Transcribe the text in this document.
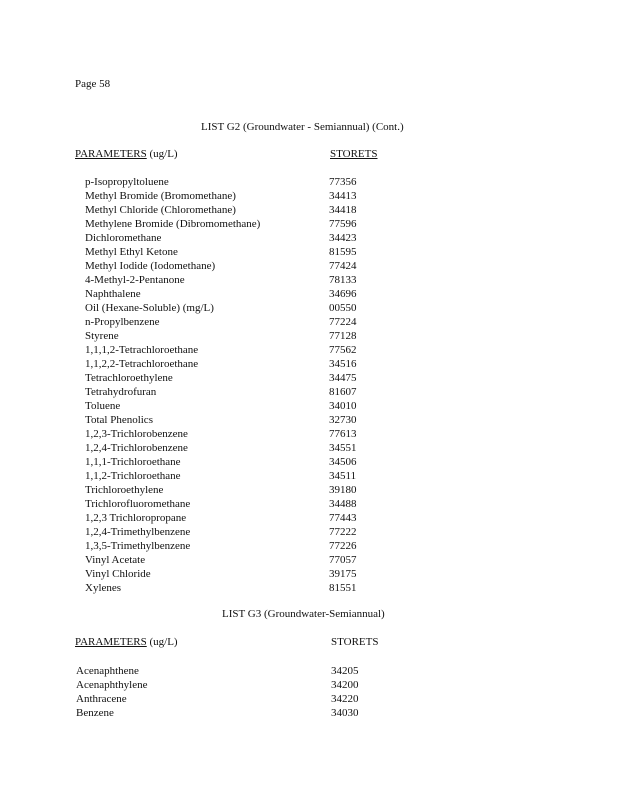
Page 58
LIST G2 (Groundwater - Semiannual) (Cont.)
PARAMETERS (ug/L)	STORETS
p-Isopropyltoluene	77356
Methyl Bromide (Bromomethane)	34413
Methyl Chloride (Chloromethane)	34418
Methylene Bromide (Dibromomethane)	77596
Dichloromethane	34423
Methyl Ethyl Ketone	81595
Methyl Iodide (Iodomethane)	77424
4-Methyl-2-Pentanone	78133
Naphthalene	34696
Oil (Hexane-Soluble) (mg/L)	00550
n-Propylbenzene	77224
Styrene	77128
1,1,1,2-Tetrachloroethane	77562
1,1,2,2-Tetrachloroethane	34516
Tetrachloroethylene	34475
Tetrahydrofuran	81607
Toluene	34010
Total Phenolics	32730
1,2,3-Trichlorobenzene	77613
1,2,4-Trichlorobenzene	34551
1,1,1-Trichloroethane	34506
1,1,2-Trichloroethane	34511
Trichloroethylene	39180
Trichlorofluoromethane	34488
1,2,3 Trichloropropane	77443
1,2,4-Trimethylbenzene	77222
1,3,5-Trimethylbenzene	77226
Vinyl Acetate	77057
Vinyl Chloride	39175
Xylenes	81551
LIST G3 (Groundwater-Semiannual)
PARAMETERS (ug/L)	STORETS
Acenaphthene	34205
Acenaphthylene	34200
Anthracene	34220
Benzene	34030
